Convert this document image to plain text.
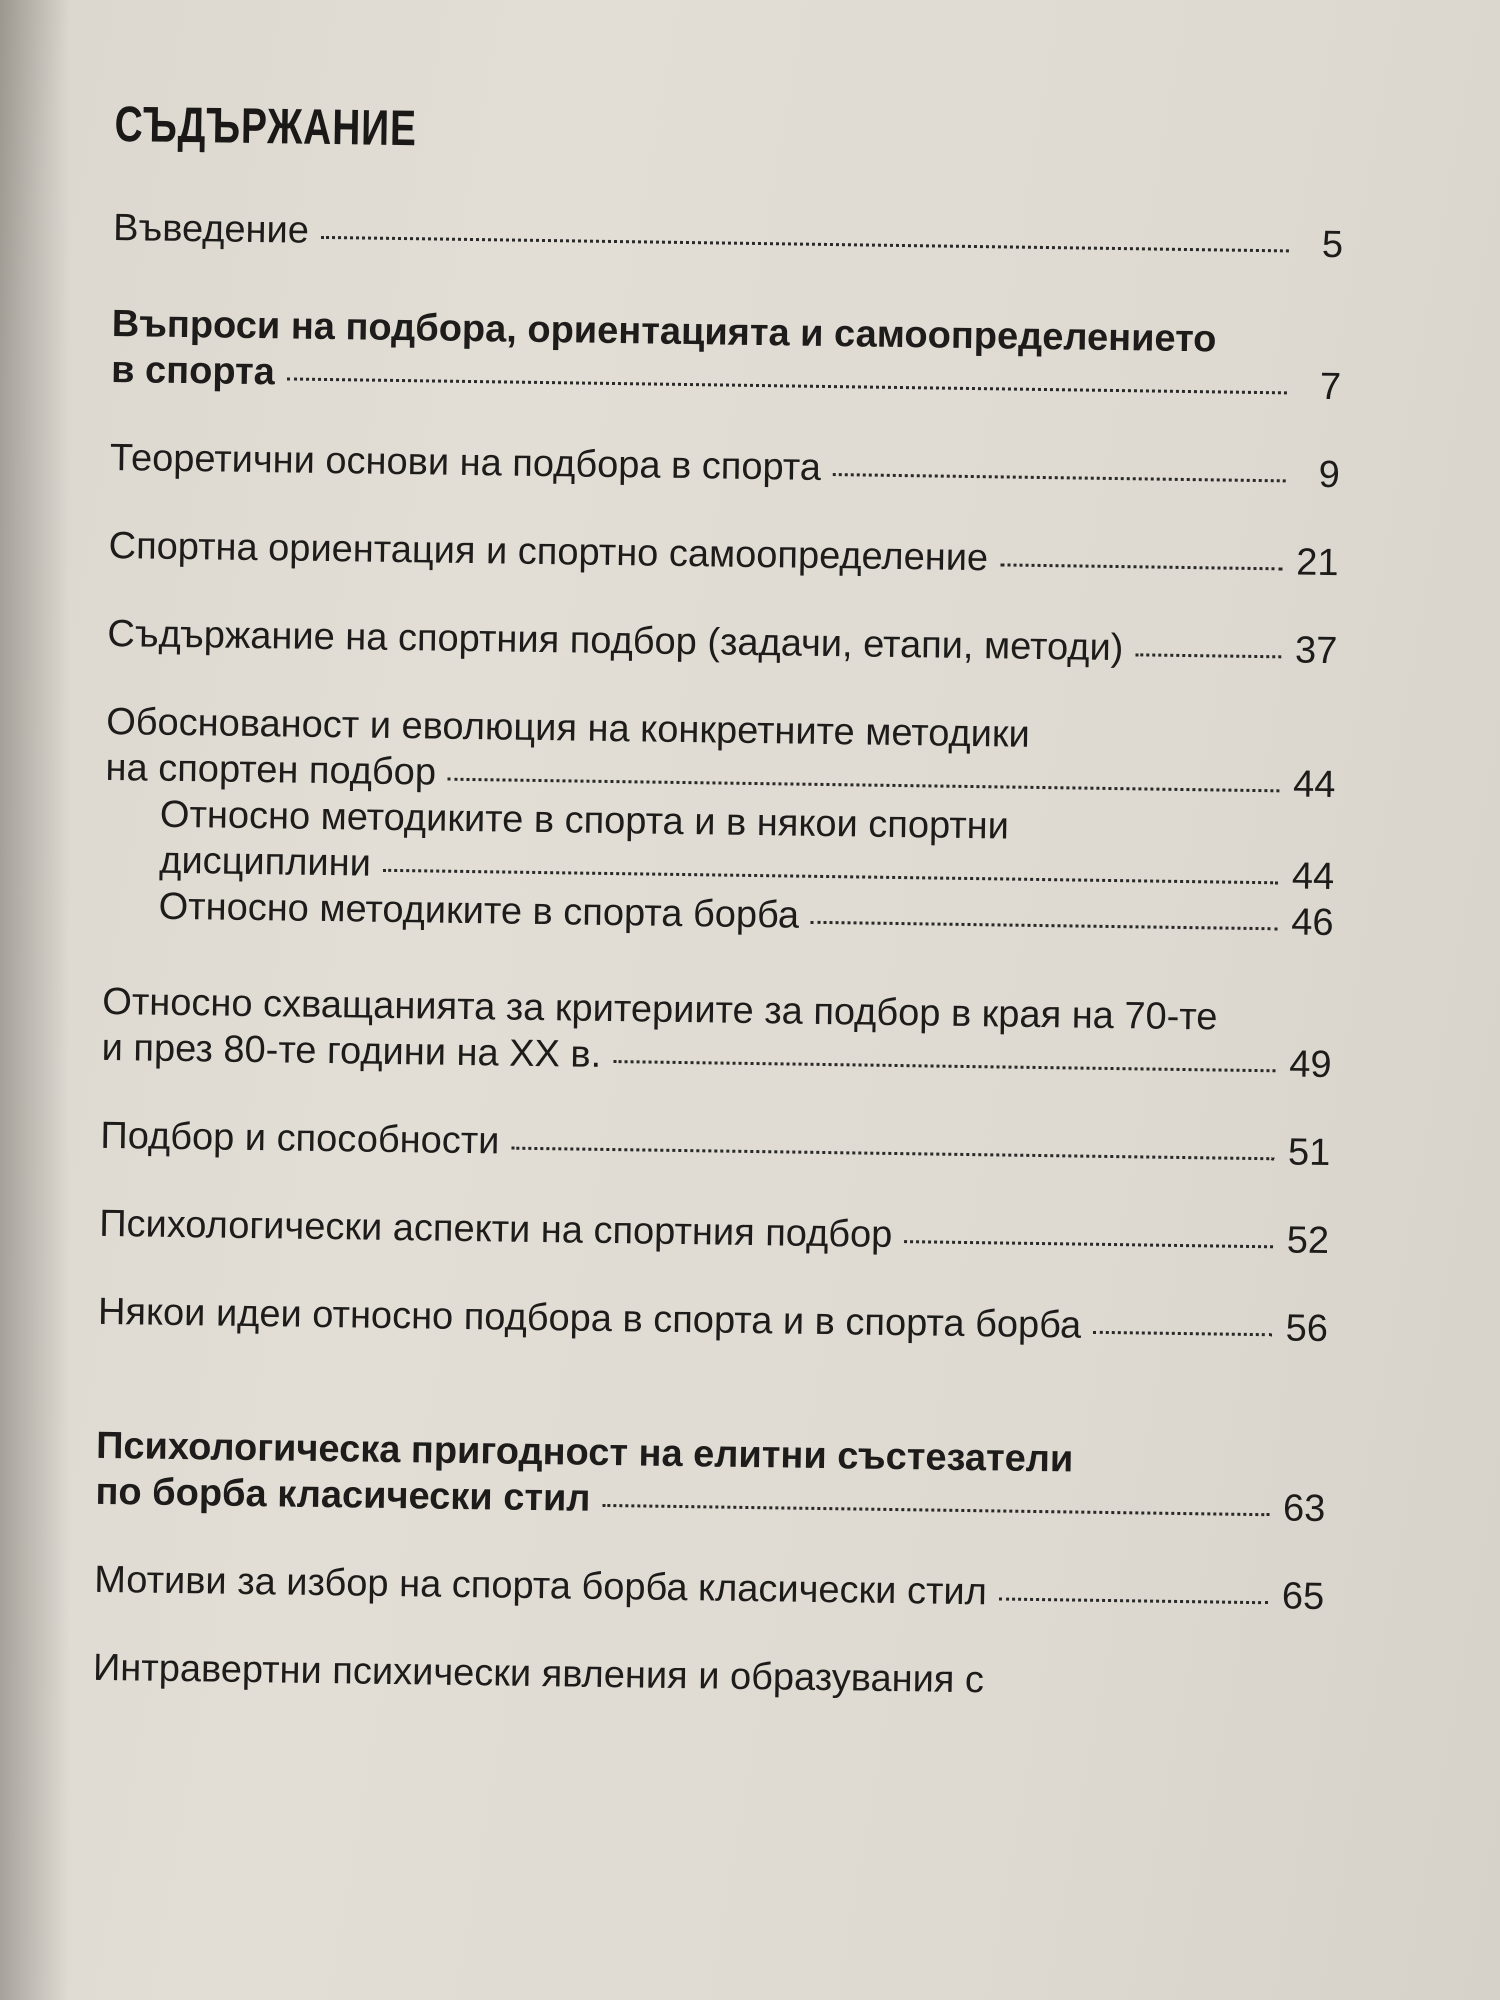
СЪДЪРЖАНИЕ
Въведение	5
Въпроси на подбора, ориентацията и самоопределението
в спорта	7
Теоретични основи на подбора в спорта	9
Спортна ориентация и спортно самоопределение	21
Съдържание на спортния подбор (задачи, етапи, методи)	37
Обоснованост и еволюция на конкретните методики
на спортен подбор	44
Относно методиките в спорта и в някои спортни
дисциплини	44
Относно методиките в спорта борба	46
Относно схващанията за критериите за подбор в края на 70-те
и през 80-те години на XX в.	49
Подбор и способности	51
Психологически аспекти на спортния подбор	52
Някои идеи относно подбора в спорта и в спорта борба	56
Психологическа пригодност на елитни състезатели
по борба класически стил	63
Мотиви за избор на спорта борба класически стил	65
Интравертни психически явления и образувания с
